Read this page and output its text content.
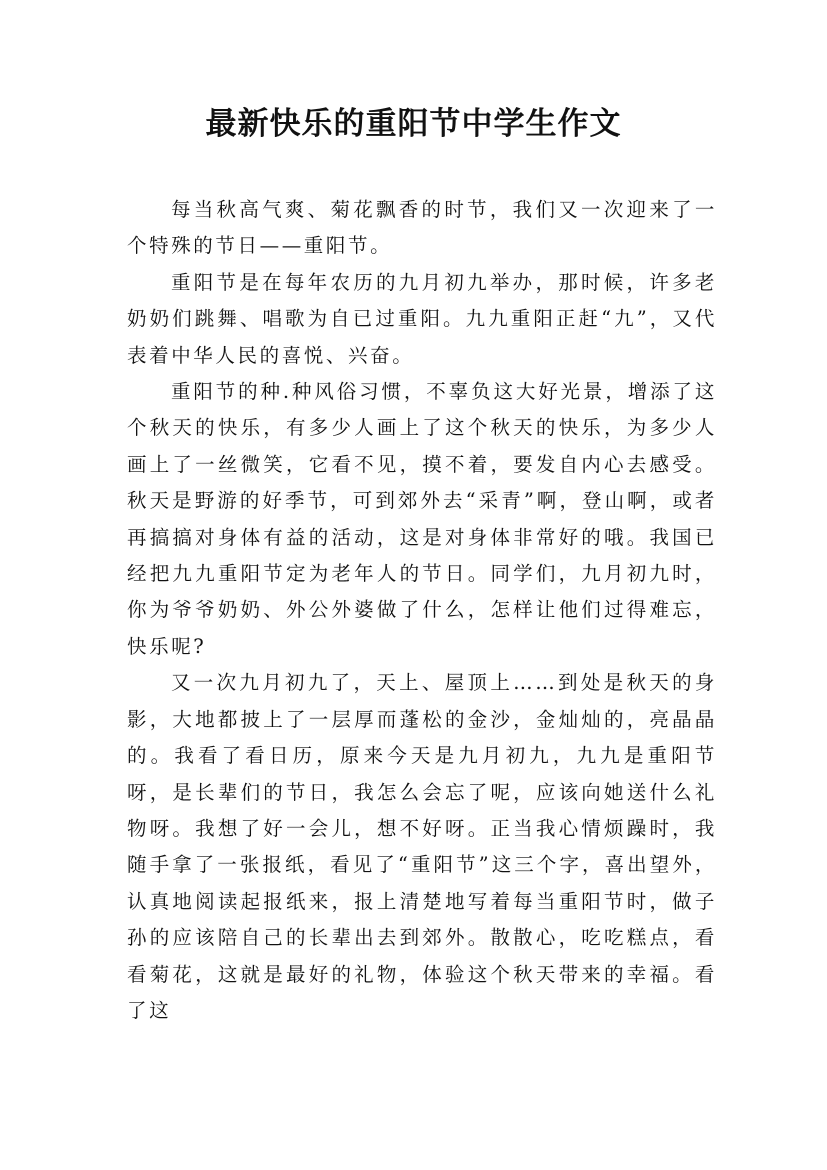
最新快乐的重阳节中学生作文

每当秋高气爽、菊花飘香的时节，我们又一次迎来了一个特殊的节日——重阳节。

重阳节是在每年农历的九月初九举办，那时候，许多老奶奶们跳舞、唱歌为自已过重阳。九九重阳正赶“九”，又代表着中华人民的喜悦、兴奋。

重阳节的种.种风俗习惯，不辜负这大好光景，增添了这个秋天的快乐，有多少人画上了这个秋天的快乐，为多少人画上了一丝微笑，它看不见，摸不着，要发自内心去感受。秋天是野游的好季节，可到郊外去“采青”啊，登山啊，或者再搞搞对身体有益的活动，这是对身体非常好的哦。我国已经把九九重阳节定为老年人的节日。同学们，九月初九时，你为爷爷奶奶、外公外婆做了什么，怎样让他们过得难忘，快乐呢?

又一次九月初九了，天上、屋顶上……到处是秋天的身影，大地都披上了一层厚而蓬松的金沙，金灿灿的，亮晶晶的。我看了看日历，原来今天是九月初九，九九是重阳节呀，是长辈们的节日，我怎么会忘了呢，应该向她送什么礼物呀。我想了好一会儿，想不好呀。正当我心情烦躁时，我随手拿了一张报纸，看见了“重阳节”这三个字，喜出望外，认真地阅读起报纸来，报上清楚地写着每当重阳节时，做子孙的应该陪自己的长辈出去到郊外。散散心，吃吃糕点，看看菊花，这就是最好的礼物，体验这个秋天带来的幸福。看了这
